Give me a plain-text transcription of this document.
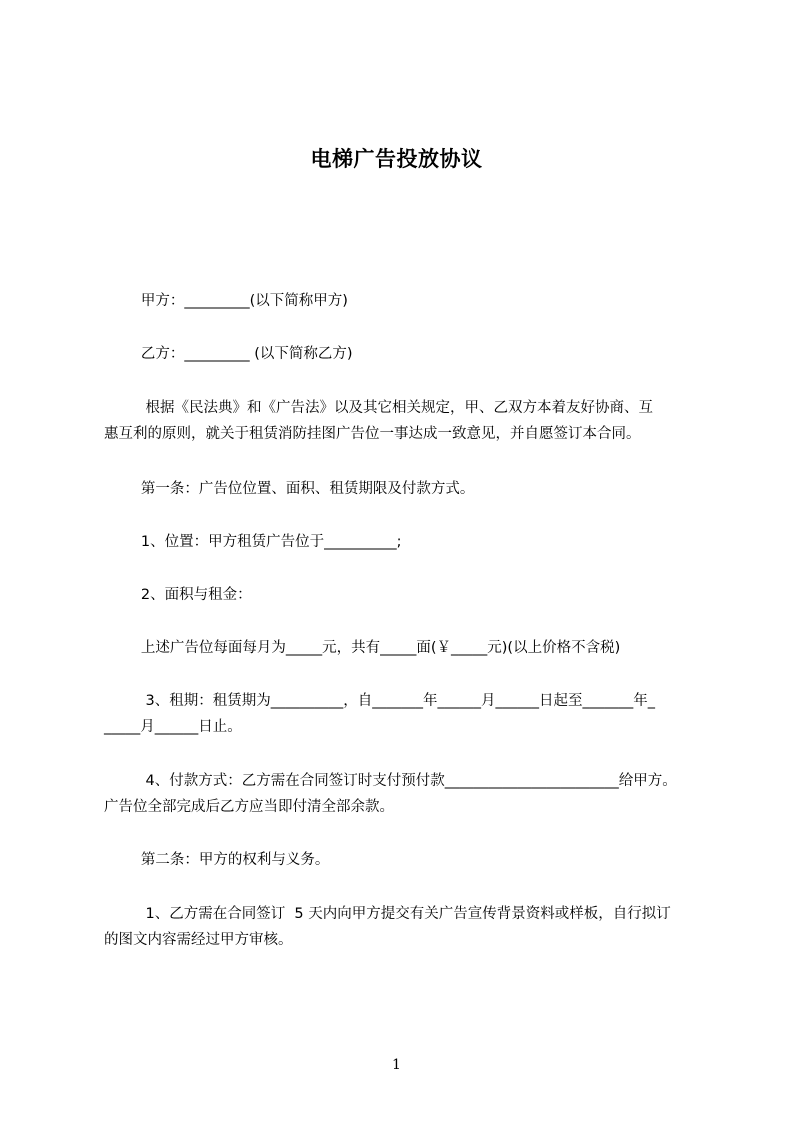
电梯广告投放协议
甲方：_________(以下简称甲方)
乙方：_________ (以下简称乙方)
根据《民法典》和《广告法》以及其它相关规定，甲、乙双方本着友好协商、互
惠互利的原则，就关于租赁消防挂图广告位一事达成一致意见，并自愿签订本合同。
第一条：广告位位置、面积、租赁期限及付款方式。
1、位置：甲方租赁广告位于__________;
2、面积与租金：
上述广告位每面每月为_____元，共有_____面(￥_____元)(以上价格不含税)
3、租期：租赁期为__________，自_______年______月______日起至_______年_
_____月______日止。
4、付款方式：乙方需在合同签订时支付预付款________________________给甲方。
广告位全部完成后乙方应当即付清全部余款。
第二条：甲方的权利与义务。
1、乙方需在合同签订  5 天内向甲方提交有关广告宣传背景资料或样板，自行拟订
的图文内容需经过甲方审核。
1
